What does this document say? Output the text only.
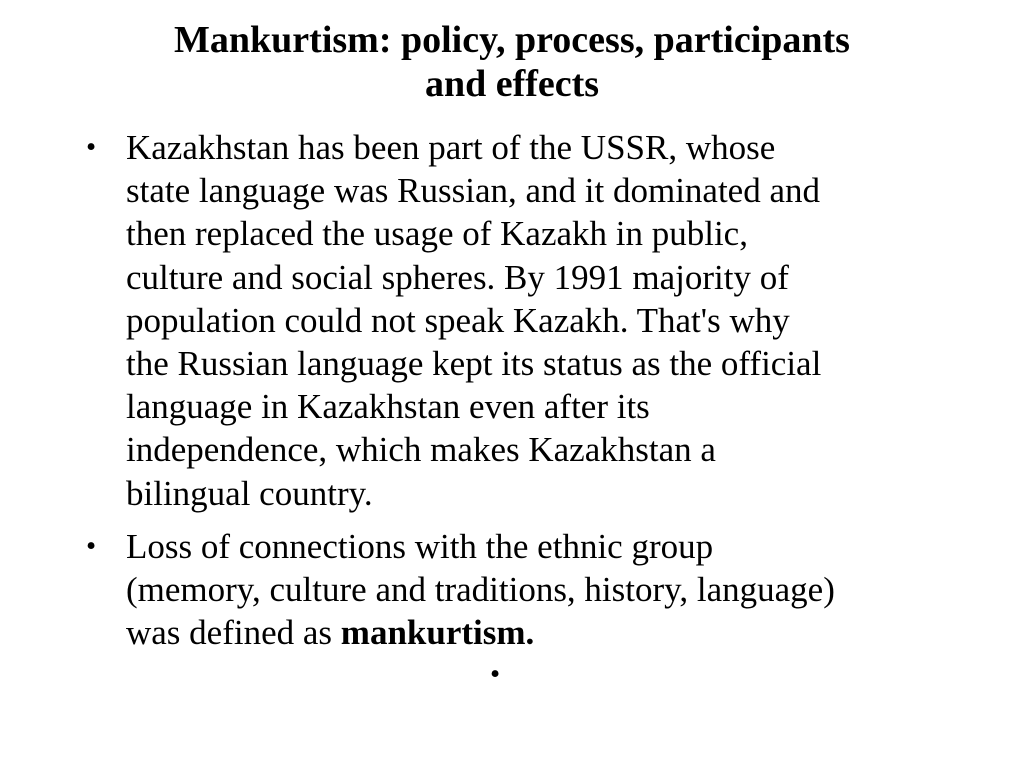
Mankurtism: policy, process, participants
and effects
• Kazakhstan has been part of the USSR, whose
state language was Russian, and it dominated and
then replaced the usage of Kazakh in public,
culture and social spheres. By 1991 majority of
population could not speak Kazakh. That's why
the Russian language kept its status as the official
language in Kazakhstan even after its
independence, which makes Kazakhstan a
bilingual country.
• Loss of connections with the ethnic group
(memory, culture and traditions, history, language)
was defined as mankurtism.
•
